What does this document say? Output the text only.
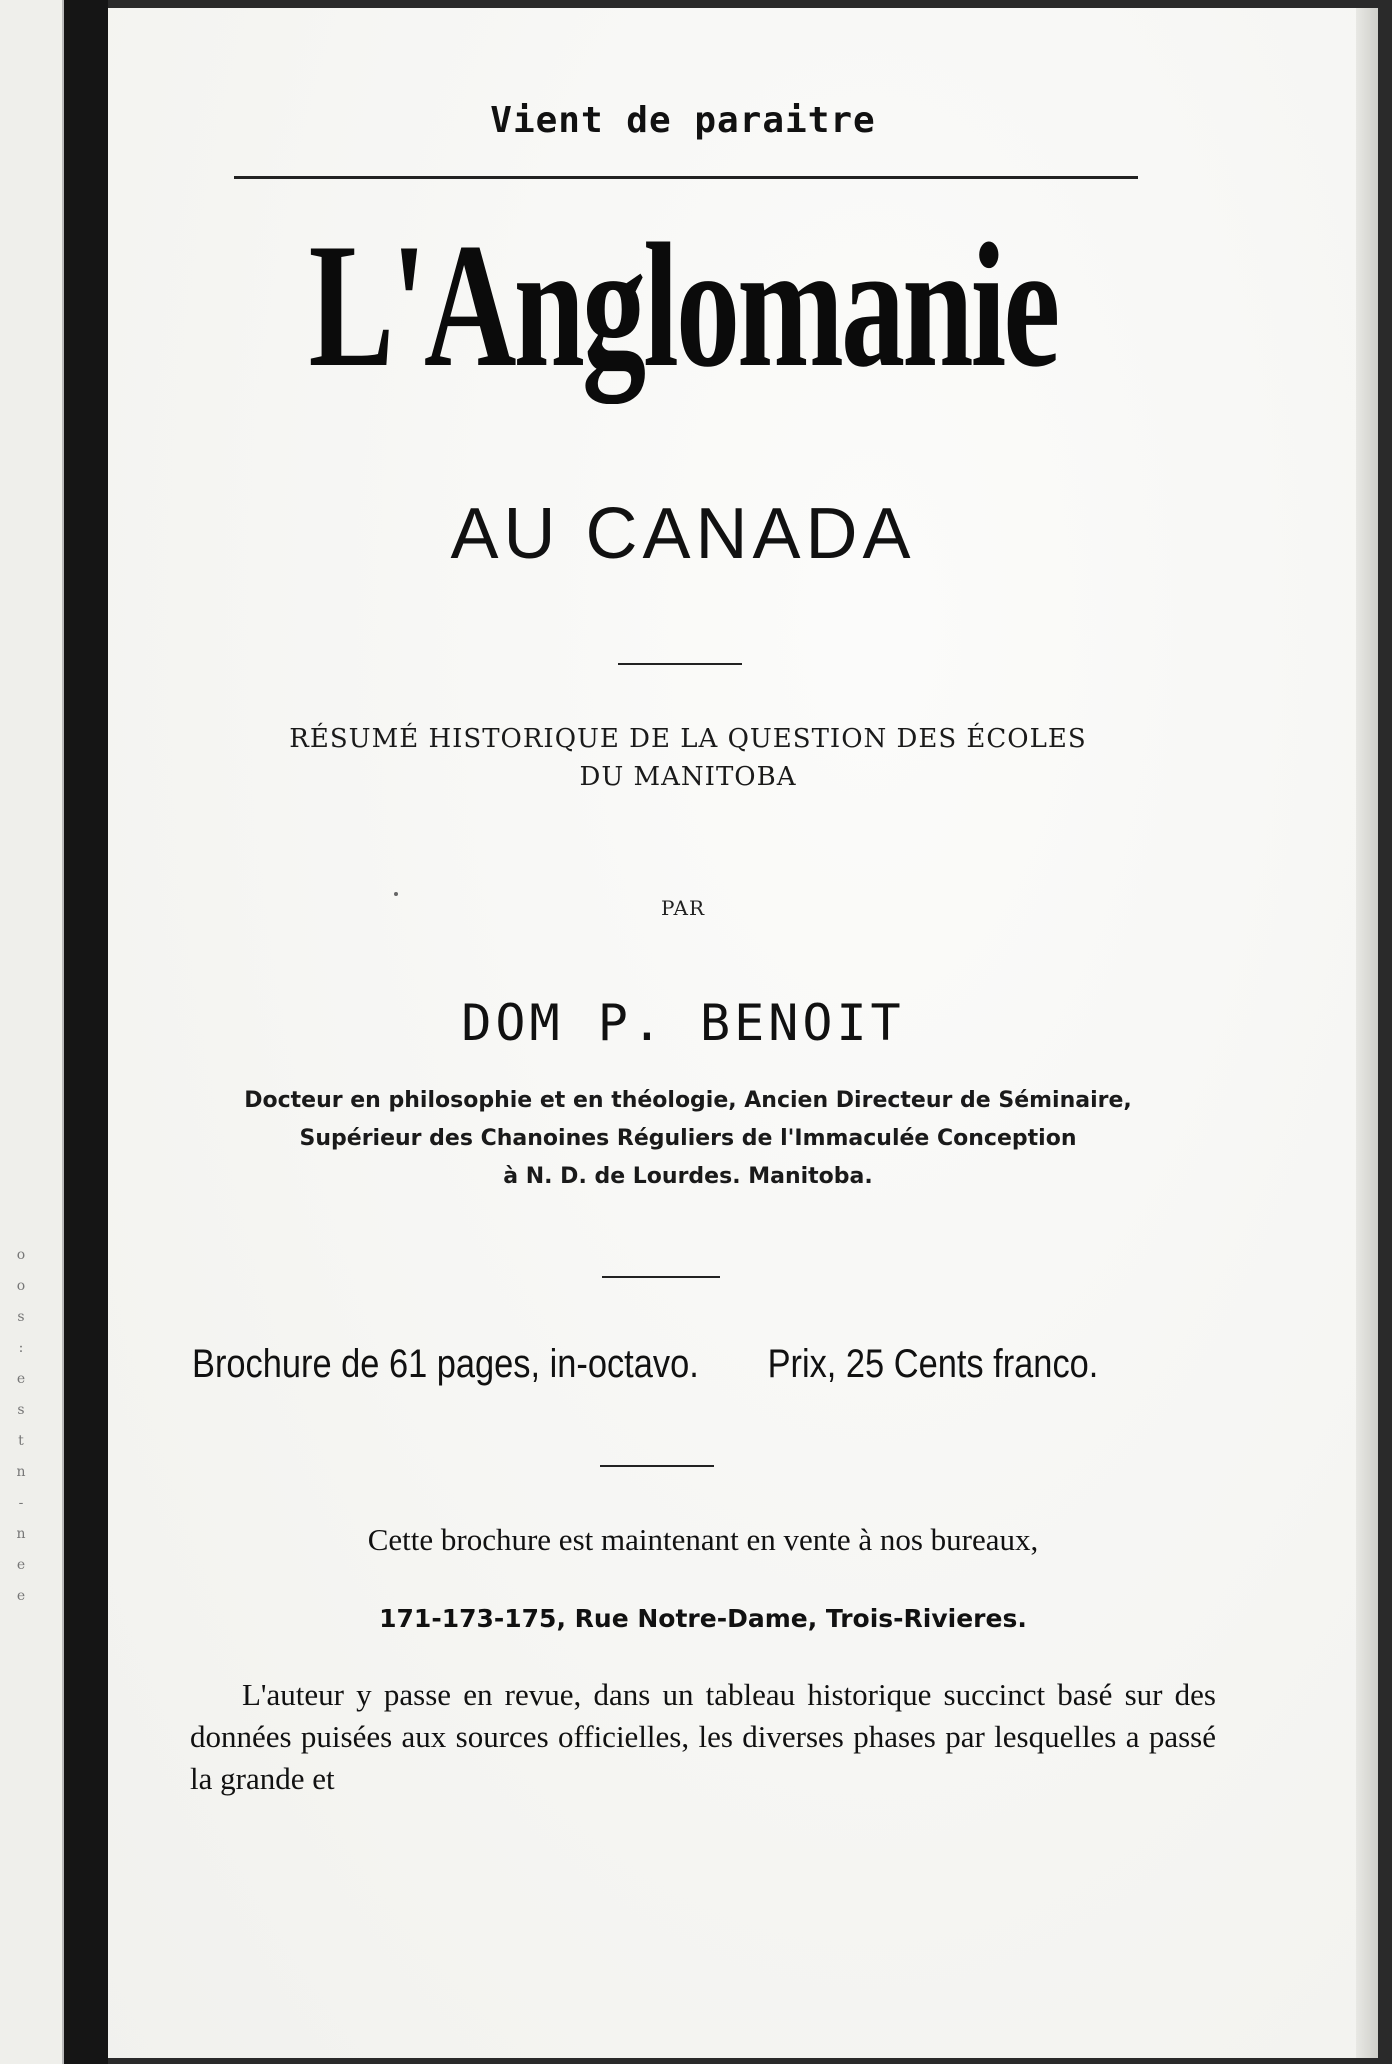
o
o
s
:
e
s
t
n
-
n
e
e
Vient de paraitre
L'Anglomanie
AU CANADA
RÉSUMÉ HISTORIQUE DE LA QUESTION DES ÉCOLES
DU MANITOBA
PAR
DOM P. BENOIT
Docteur en philosophie et en théologie, Ancien Directeur de Séminaire,
Supérieur des Chanoines Réguliers de l'Immaculée Conception
à N. D. de Lourdes. Manitoba.
Brochure de 61 pages, in-octavo. Prix, 25 Cents franco.
Cette brochure est maintenant en vente à nos bureaux,
171-173-175, Rue Notre-Dame, Trois-Rivieres.
L'auteur y passe en revue, dans un tableau historique succinct basé sur des données puisées aux sources officielles, les diverses phases par lesquelles a passé la grande et
